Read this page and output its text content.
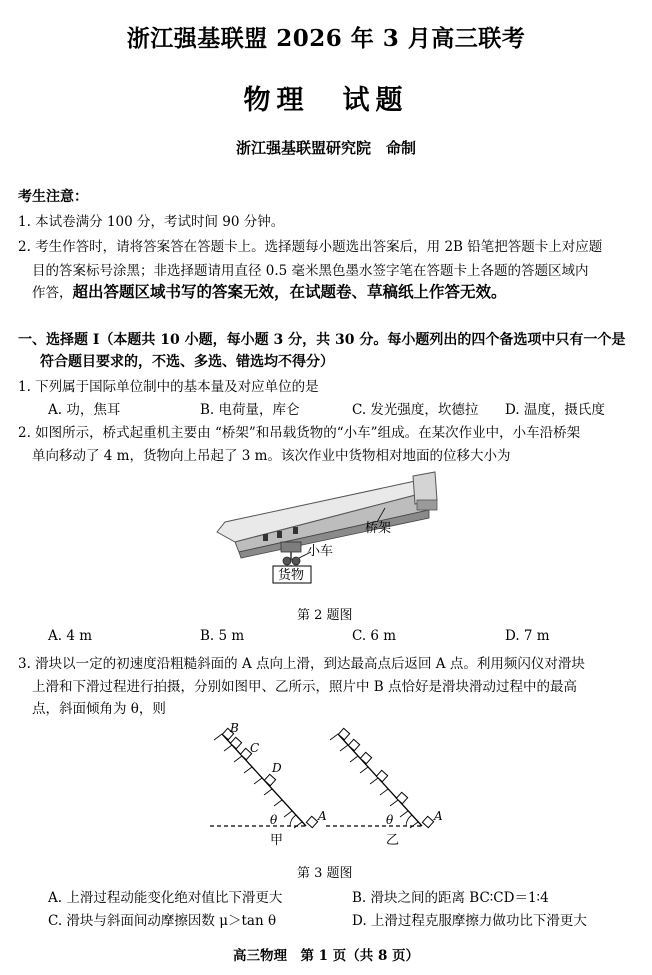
浙江强基联盟 2026 年 3 月高三联考
物理　试题
浙江强基联盟研究院　命制
考生注意：
1. 本试卷满分 100 分，考试时间 90 分钟。
2. 考生作答时，请将答案答在答题卡上。选择题每小题选出答案后，用 2B 铅笔把答题卡上对应题
目的答案标号涂黑；非选择题请用直径 0.5 毫米黑色墨水签字笔在答题卡上各题的答题区域内
作答，超出答题区域书写的答案无效，在试题卷、草稿纸上作答无效。
一、选择题 Ⅰ（本题共 10 小题，每小题 3 分，共 30 分。每小题列出的四个备选项中只有一个是
符合题目要求的，不选、多选、错选均不得分）
1. 下列属于国际单位制中的基本量及对应单位的是
A. 功，焦耳	B. 电荷量，库仑	C. 发光强度，坎德拉 D. 温度，摄氏度
2. 如图所示，桥式起重机主要由 “桥架”和吊载货物的“小车”组成。在某次作业中，小车沿桥架
单向移动了 4 m，货物向上吊起了 3 m。该次作业中货物相对地面的位移大小为
桥架
小车
货物
第 2 题图
A. 4 m	B. 5 m	C. 6 m	D. 7 m
3. 滑块以一定的初速度沿粗糙斜面的 A 点向上滑，到达最高点后返回 A 点。利用频闪仪对滑块
上滑和下滑过程进行拍摄，分别如图甲、乙所示，照片中 B 点恰好是滑块滑动过程中的最高
点，斜面倾角为 θ，则
B
C
D
A
θ
甲
A
θ
乙
第 3 题图
A. 上滑过程动能变化绝对值比下滑更大	B. 滑块之间的距离 BC∶CD＝1∶4
C. 滑块与斜面间动摩擦因数 μ＞tan θ	D. 上滑过程克服摩擦力做功比下滑更大
高三物理　第 1 页（共 8 页）
